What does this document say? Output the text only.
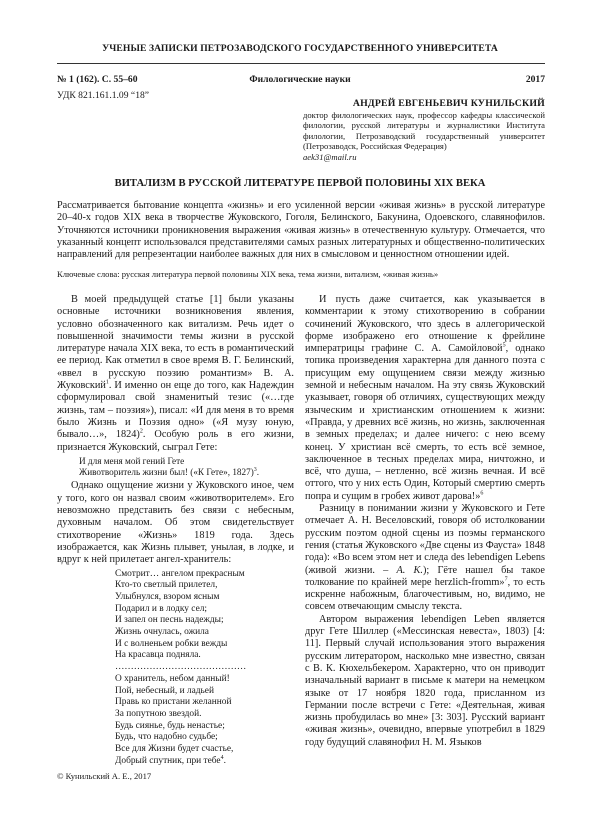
УЧЕНЫЕ ЗАПИСКИ ПЕТРОЗАВОДСКОГО ГОСУДАРСТВЕННОГО УНИВЕРСИТЕТА
№ 1 (162). С. 55–60	Филологические науки	2017
УДК 821.161.1.09 “18”
АНДРЕЙ ЕВГЕНЬЕВИЧ КУНИЛЬСКИЙ
доктор филологических наук, профессор кафедры классической филологии, русской литературы и журналистики Института филологии, Петрозаводский государственный университет (Петрозаводск, Российская Федерация)
aek31@mail.ru
ВИТАЛИЗМ В РУССКОЙ ЛИТЕРАТУРЕ ПЕРВОЙ ПОЛОВИНЫ XIX ВЕКА

Рассматривается бытование концепта «жизнь» и его усиленной версии «живая жизнь» в русской литературе 20–40-х годов XIX века в творчестве Жуковского, Гоголя, Белинского, Бакунина, Одоевского, славянофилов. Уточняются источники проникновения выражения «живая жизнь» в отечественную культуру. Отмечается, что указанный концепт использовался представителями самых разных литературных и общественно-политических направлений для репрезентации наиболее важных для них в смысловом и ценностном отношении идей.

Ключевые слова: русская литература первой половины XIX века, тема жизни, витализм, «живая жизнь»

В моей предыдущей статье [1] были указаны основные источники возникновения явления, условно обозначенного как витализм. Речь идет о повышенной значимости темы жизни в русской литературе начала XIX века, то есть в романтический ее период. Как отметил в свое время В. Г. Белинский, «ввел в русскую поэзию романтизм» В. А. Жуковский$^1$. И именно он еще до того, как Надеждин сформулировал свой знаменитый тезис («…где жизнь, там – поэзия»), писал: «И для меня в то время было Жизнь и Поэзия одно» («Я музу юную, бывало…», 1824)$^2$. Особую роль в его жизни, признается Жуковский, сыграл Гете:

И для меня мой гений Гете
Животворитель жизни был! («К Гете», 1827)$^3$.

Однако ощущение жизни у Жуковского иное, чем у того, кого он назвал своим «животворителем». Его невозможно представить без связи с небесным, духовным началом. Об этом свидетельствует стихотворение «Жизнь» 1819 года. Здесь изображается, как Жизнь плывет, унылая, в лодке, и вдруг к ней прилетает ангел-хранитель:

Смотрит… ангелом прекрасным
Кто-то светлый прилетел,
Улыбнулся, взором ясным
Подарил и в лодку сел;
И запел он песнь надежды;
Жизнь очнулась, ожила
И с волненьем робки вежды
На красавца подняла.
……………………………………
О хранитель, небом данный!
Пой, небесный, и ладьей
Правь ко пристани желанной
За попутною звездой.
Будь сиянье, будь ненастье;
Будь, что надобно судьбе;
Все для Жизни будет счастье,
Добрый спутник, при тебе$^4$.

И пусть даже считается, как указывается в комментарии к этому стихотворению в собрании сочинений Жуковского, что здесь в аллегорической форме изображено его отношение к фрейлине императрицы графине С. А. Самойловой$^5$, однако топика произведения характерна для данного поэта с присущим ему ощущением связи между жизнью земной и небесным началом. На эту связь Жуковский указывает, говоря об отличиях, существующих между языческим и христианским отношением к жизни: «Правда, у древних всё жизнь, но жизнь, заключенная в земных пределах; и далее ничего: с нею всему конец. У христиан всё смерть, то есть всё земное, заключенное в тесных пределах мира, ничтожно, и всё, что душа, – нетленно, всё жизнь вечная. И всё оттого, что у них есть Один, Который смертию смерть попра и сущим в гробех живот дарова!»$^6$

Разницу в понимании жизни у Жуковского и Гете отмечает А. Н. Веселовский, говоря об истолковании русским поэтом одной сцены из поэмы германского гения (статья Жуковского «Две сцены из Фауста» 1848 года): «Во всем этом нет и следа des lebendigen Lebens (живой жизни. – А. К.); Гёте нашел бы такое толкование по крайней мере herzlich-fromm»$^7$, то есть искренне набожным, благочестивым, но, видимо, не совсем отвечающим смыслу текста.

Автором выражения lebendigen Leben является друг Гете Шиллер («Мессинская невеста», 1803) [4: 11]. Первый случай использования этого выражения русским литератором, насколько мне известно, связан с В. К. Кюхельбекером. Характерно, что он приводит изначальный вариант в письме к матери на немецком языке от 17 ноября 1820 года, присланном из Германии после встречи с Гете: «Деятельная, живая жизнь пробудилась во мне» [3: 303]. Русский вариант «живая жизнь», очевидно, впервые употребил в 1829 году будущий славянофил Н. М. Языков

© Кунильский А. Е., 2017
